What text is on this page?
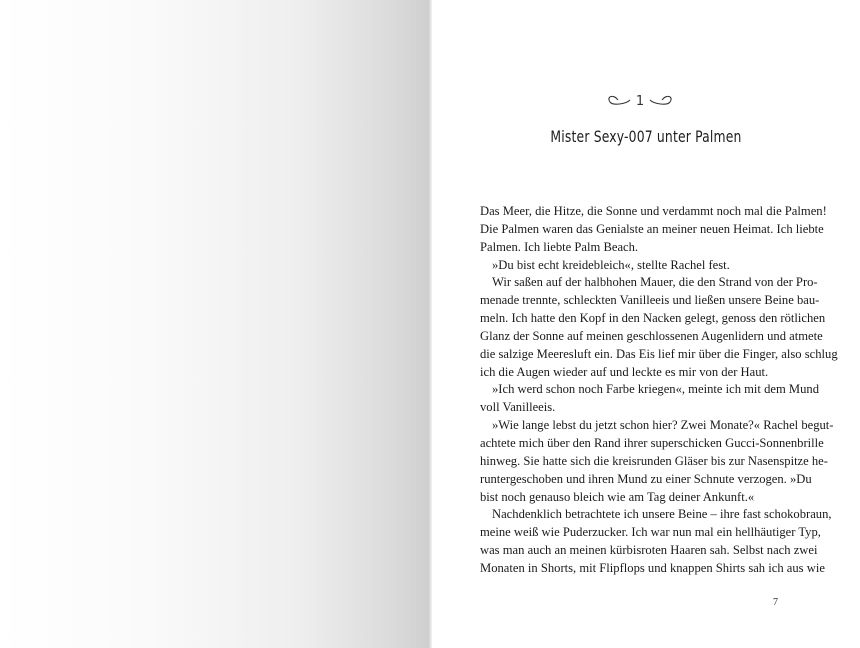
1
Mister Sexy-007 unter Palmen
Das Meer, die Hitze, die Sonne und verdammt noch mal die Palmen!
Die Palmen waren das Genialste an meiner neuen Heimat. Ich liebte
Palmen. Ich liebte Palm Beach.
»Du bist echt kreidebleich«, stellte Rachel fest.
Wir saßen auf der halbhohen Mauer, die den Strand von der Pro-
menade trennte, schleckten Vanilleeis und ließen unsere Beine bau-
meln. Ich hatte den Kopf in den Nacken gelegt, genoss den rötlichen
Glanz der Sonne auf meinen geschlossenen Augenlidern und atmete
die salzige Meeresluft ein. Das Eis lief mir über die Finger, also schlug
ich die Augen wieder auf und leckte es mir von der Haut.
»Ich werd schon noch Farbe kriegen«, meinte ich mit dem Mund
voll Vanilleeis.
»Wie lange lebst du jetzt schon hier? Zwei Monate?« Rachel begut-
achtete mich über den Rand ihrer superschicken Gucci-Sonnenbrille
hinweg. Sie hatte sich die kreisrunden Gläser bis zur Nasenspitze he-
runtergeschoben und ihren Mund zu einer Schnute verzogen. »Du
bist noch genauso bleich wie am Tag deiner Ankunft.«
Nachdenklich betrachtete ich unsere Beine – ihre fast schokobraun,
meine weiß wie Puderzucker. Ich war nun mal ein hellhäutiger Typ,
was man auch an meinen kürbisroten Haaren sah. Selbst nach zwei
Monaten in Shorts, mit Flipflops und knappen Shirts sah ich aus wie
7
